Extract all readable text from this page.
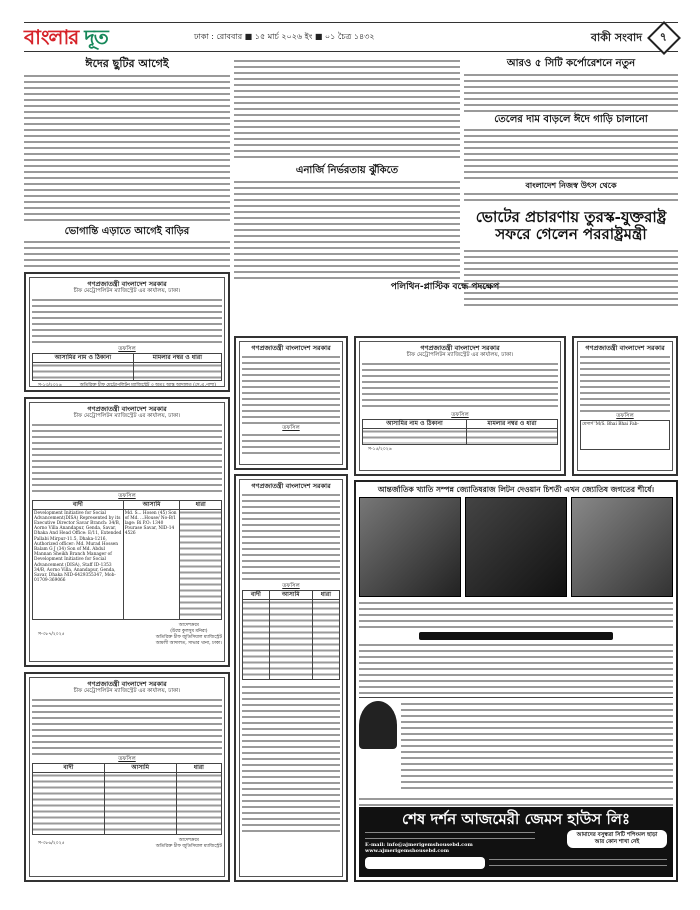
বাংলার দূত	ঢাকা : রোববার ■ ১৫ মার্চ ২০২৬ ইং ■ ০১ চৈত্র ১৪৩২	বাকী সংবাদ ৭
ঈদের ছুটির আগেই
ভোগান্তি এড়াতে আগেই বাড়ির
এনার্জি নির্ভরতায় ঝুঁকিতে
আরও ৫ সিটি কর্পোরেশনে নতুন
তেলের দাম বাড়লে ঈদে গাড়ি চালানো
বাংলাদেশ নিজস্ব উৎস থেকে
ভোটের প্রচারণায় তুরস্ক-যুক্তরাষ্ট্র সফরে গেলেন পররাষ্ট্রমন্ত্রী
পলিথিন-প্লাস্টিক বন্ধে পদক্ষেপ
গণপ্রজাতন্ত্রী বাংলাদেশ সরকার
চীফ মেট্রোপলিটন ম্যাজিস্ট্রেট এর কার্যালয়, ঢাকা।
তফসিল
আসামির নাম ও ঠিকানা	মামলার নম্বর ও ধারা

স-১৩/২০২৬	অতিরিক্ত চীফ মেট্রোপলিটন ম্যাজিস্ট্রেট ৩ অতঃ আন্ত আদালত (সে,এ,পাশা)
গণপ্রজাতন্ত্রী বাংলাদেশ সরকার
চীফ মেট্রোপলিটন ম্যাজিস্ট্রেট এর কার্যালয়, ঢাকা।
তফসিল
বাদী	আসামি	ধারা
Development Initiative for Social Advancement(DISA) Represented by its Executive Director Savar Branch: 34/B, Aorno Villa Anandapur, Genda, Savar, Dhaka And Head Office: E/11, Extended Pallabi Mirpur-11.5, Dhaka-1216, Authorized officer: Md. Murad Hossen Balam G J (34) Son of Md. Abdul Mannan Sheikh Branch Manager of Development Initiative for Social Advancement (DISA), Staff ID-1353 34/B, Aorno Villa, Anandapur, Genda, Savar, Dhaka NID-6429355347, Mob-01709-369066	Md. S... Hosen (45) Son of Md. ...House/ No-B/1 lage: Bi P.O: 1340 Pourase Savar, NID-14 4526	
স-৩৮৭/২০২৫
আদেশক্রমে
(উম্মে কুলসুম মনিরা)
অতিরিক্ত চীফ জুডিসিয়াল ম্যাজিস্ট্রেট
আমলী আদালত, সাভার থানা, ঢাকা।
গণপ্রজাতন্ত্রী বাংলাদেশ সরকার
চীফ মেট্রোপলিটন ম্যাজিস্ট্রেট এর কার্যালয়, ঢাকা।
তফসিল
বাদী	আসামি	ধারা

স-৩৮৬/২০২৫
আদেশক্রমে
অতিরিক্ত চীফ জুডিসিয়াল ম্যাজিস্ট্রেট
গণপ্রজাতন্ত্রী বাংলাদেশ সরকার
তফসিল
গণপ্রজাতন্ত্রী বাংলাদেশ সরকার
চীফ মেট্রোপলিটন ম্যাজিস্ট্রেট এর কার্যালয়, ঢাকা।
তফসিল
আসামির নাম ও ঠিকানা	মামলার নম্বর ও ধারা

স-১৫/২০২৬
গণপ্রজাতন্ত্রী বাংলাদেশ সরকার
তফসিল
মেসার্স 'M/S. Bhai Bhai Fab-
গণপ্রজাতন্ত্রী বাংলাদেশ সরকার
তফসিল
বাদী	আসামি	ধারা

আন্তর্জাতিক খ্যাতি সম্পন্ন জ্যোতিষরাজ লিটন দেওয়ান চিশতী এখন জ্যোতিষ জগতের শীর্ষে।
শেষ দর্শন আজমেরী জেমস হাউস লিঃ
E-mail: info@ajmerigemshousebd.com www.ajmerigemshousebd.com
আমাদের বসুন্ধরা সিটি শপিংমল ছাড়া আর কোন শাখা নেই
